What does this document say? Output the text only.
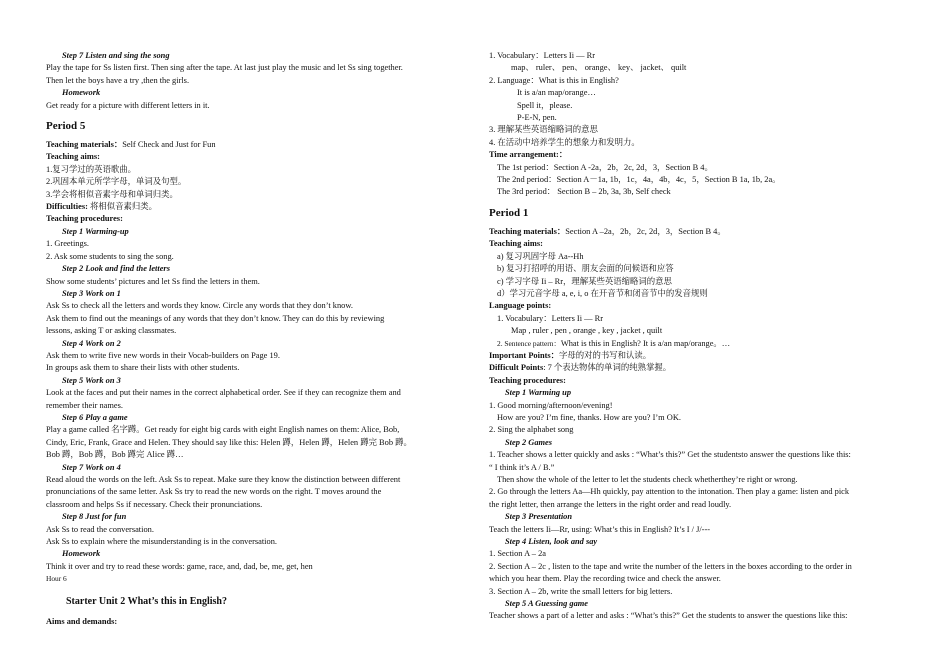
Step 7 Listen and sing the song

Play the tape for Ss listen first. Then sing after the tape. At last just play the music and let Ss sing together.

Then let the boys have a try ,then the girls.

Homework

Get ready for a picture with different letters in it.

Period 5

Teaching materials：Self Check and Just for Fun

Teaching aims:

1.复习学过的英语歌曲。

2.巩固本单元所学字母，单词及句型。

3.学会将相似音素字母和单词归类。

Difficulties: 将相似音素归类。

Teaching procedures:

Step 1 Warming-up

1. Greetings.

2. Ask some students to sing the song.

Step 2 Look and find the letters

Show some students’ pictures and let Ss find the letters in them.

Step 3 Work on 1

Ask Ss to check all the letters and words they know. Circle any words that they don’t know.

Ask them to find out the meanings of any words that they don’t know. They can do this by reviewing

lessons, asking T or asking classmates.

Step 4 Work on 2

Ask them to write five new words in their Vocab-builders on Page 19.

In groups ask them to share their lists with other students.

Step 5 Work on 3

Look at the faces and put their names in the correct alphabetical order. See if they can recognize them and

remember their names.

Step 6 Play a game

Play a game called 名字蹲。Get ready for eight big cards with eight English names on them: Alice, Bob,

Cindy, Eric, Frank, Grace and Helen. They should say like this: Helen 蹲，Helen 蹲，Helen 蹲完 Bob 蹲。

Bob 蹲，Bob 蹲，Bob 蹲完 Alice 蹲…

Step 7 Work on 4

Read aloud the words on the left. Ask Ss to repeat. Make sure they know the distinction between different

pronunciations of the same letter. Ask Ss try to read the new words on the right. T moves around the

classroom and helps Ss if necessary. Check their pronunciations.

Step 8 Just for fun

Ask Ss to read the conversation.

Ask Ss to explain where the misunderstanding is in the conversation.

Homework

Think it over and try to read these words: game, race, and, dad, be, me, get, hen

Hour 6

Starter Unit 2 What’s this in English?

Aims and demands:

1. Vocabulary：Letters Ii — Rr

map、 ruler、 pen、 orange、 key、 jacket、 quilt

2. Language：What is this in English?

It is a/an map/orange…

Spell it，please.

P-E-N, pen.

3. 理解某些英语缩略词的意思

4. 在活动中培养学生的想象力和发明力。

Time arrangement:：

The 1st period：Section A -2a，2b，2c, 2d，3，Section B 4。

The 2nd period：Section A－1a, 1b，1c，4a，4b，4c，5，Section B 1a, 1b, 2a。

The 3rd period： Section B – 2b, 3a, 3b, Self check

Period 1

Teaching materials：Section A –2a，2b，2c, 2d，3，Section B 4。

Teaching aims:

a) 复习巩固字母 Aa--Hh

b) 复习打招呼的用语、朋友会面的问候语和应答

c) 学习字母 Ii – Rr，理解某些英语缩略词的意思

d）学习元音字母 a, e, i, o 在开音节和闭音节中的发音规则

Language points:

1. Vocabulary：Letters Ii — Rr

Map , ruler , pen , orange , key , jacket , quilt

2. Sentence pattern：What is this in English? It is a/an map/orange。…

Important Points：字母的对的书写和认读。

Difficult Points: 7 个表达物体的单词的纯熟掌握。

Teaching procedures:

Step 1 Warming up

1. Good morning/afternoon/evening!

How are you? I’m fine, thanks. How are you? I’m OK.

2. Sing the alphabet song

Step 2 Games

1. Teacher shows a letter quickly and asks : “What’s this?” Get the studentsto answer the questions like this:

“ I think it’s A / B.”

Then show the whole of the letter to let the students check whetherthey’re right or wrong.

2. Go through the letters Aa—Hh quickly, pay attention to the intonation. Then play a game: listen and pick

the right letter, then arrange the letters in the right order and read loudly.

Step 3 Presentation

Teach the letters Ii—Rr, using: What’s this in English? It’s I / J/---

Step 4 Listen, look and say

1. Section A – 2a

2. Section A – 2c , listen to the tape and write the number of the letters in the boxes according to the order in

which you hear them. Play the recording twice and check the answer.

3. Section A – 2b, write the small letters for big letters.

Step 5 A Guessing game

Teacher shows a part of a letter and asks : “What’s this?” Get the students to answer the questions like this:
